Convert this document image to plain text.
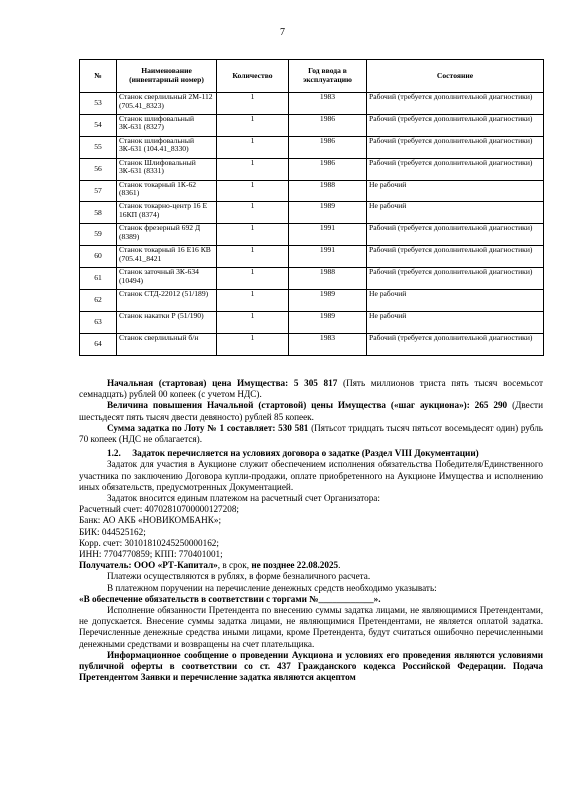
7
№	Наименование (инвентарный номер)	Количество	Год ввода в эксплуатацию	Состояние
53	Станок сверлильный 2М-112 (705.41_8323)	1	1983	Рабочий (требуется дополнительной диагностики)
54	Станок шлифовальный 3К-631 (8327)	1	1986	Рабочий (требуется дополнительной диагностики)
55	Станок шлифовальный 3К-631 (104.41_8330)	1	1986	Рабочий (требуется дополнительной диагностики)
56	Станок Шлифовальный 3К-631 (8331)	1	1986	Рабочий (требуется дополнительной диагностики)
57	Станок токарный 1К-62 (8361)	1	1988	Не рабочий
58	Станок токарно-центр 16 Е 16КП (8374)	1	1989	Не рабочий
59	Станок фрезерный 692 Д (8389)	1	1991	Рабочий (требуется дополнительной диагностики)
60	Станок токарный 16 Е16 КВ (705.41_8421	1	1991	Рабочий (требуется дополнительной диагностики)
61	Станок заточный 3К-634 (10494)	1	1988	Рабочий (требуется дополнительной диагностики)
62	Станок СТД-22012 (51/189)	1	1989	Не рабочий
63	Станок накатки Р (51/190)	1	1989	Не рабочий
64	Станок сверлильный б/н	1	1983	Рабочий (требуется дополнительной диагностики)

Начальная (стартовая) цена Имущества: 5 305 817 (Пять миллионов триста пять тысяч восемьсот семнадцать) рублей 00 копеек (с учетом НДС).

Величина повышения Начальной (стартовой) цены Имущества («шаг аукциона»): 265 290 (Двести шестьдесят пять тысяч двести девяносто) рублей 85 копеек.

Сумма задатка по Лоту № 1 составляет: 530 581 (Пятьсот тридцать тысяч пятьсот восемьдесят один) рубль 70 копеек (НДС не облагается).

1.2. Задаток перечисляется на условиях договора о задатке (Раздел VIII Документации)

Задаток для участия в Аукционе служит обеспечением исполнения обязательства Победителя/Единственного участника по заключению Договора купли-продажи, оплате приобретенного на Аукционе Имущества и исполнению иных обязательств, предусмотренных Документацией.

Задаток вносится единым платежом на расчетный счет Организатора:

Расчетный счет: 40702810700000127208;

Банк: АО АКБ «НОВИКОМБАНК»;

БИК: 044525162;

Корр. счет: 30101810245250000162;

ИНН: 7704770859; КПП: 770401001;

Получатель: ООО «РТ-Капитал», в срок, не позднее 22.08.2025.

Платежи осуществляются в рублях, в форме безналичного расчета.

В платежном поручении на перечисление денежных средств необходимо указывать:

«В обеспечение обязательств в соответствии с торгами №____________».

Исполнение обязанности Претендента по внесению суммы задатка лицами, не являющимися Претендентами, не допускается. Внесение суммы задатка лицами, не являющимися Претендентами, не является оплатой задатка. Перечисленные денежные средства иными лицами, кроме Претендента, будут считаться ошибочно перечисленными денежными средствами и возвращены на счет плательщика.

Информационное сообщение о проведении Аукциона и условиях его проведения являются условиями публичной оферты в соответствии со ст. 437 Гражданского кодекса Российской Федерации. Подача Претендентом Заявки и перечисление задатка являются акцептом
